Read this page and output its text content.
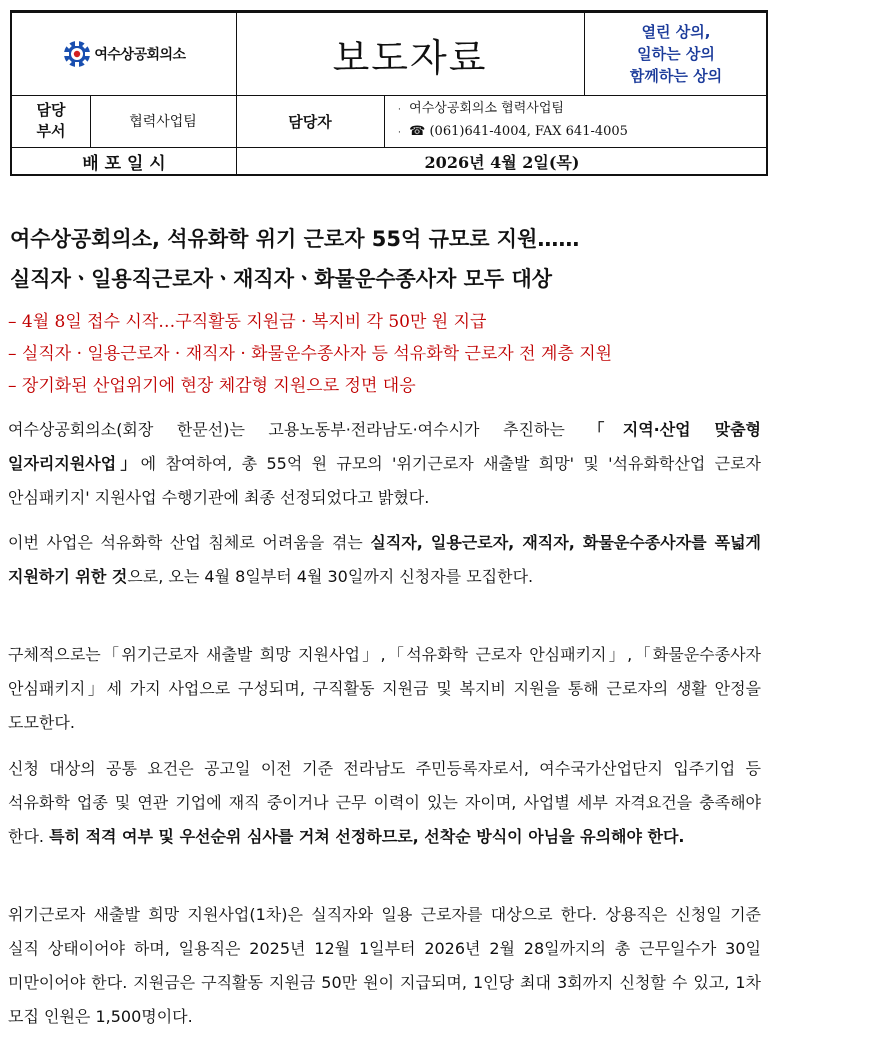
여수상공회의소	보도자료
열린 상의,
일하는 상의
함께하는 상의
담당
부서	협력사업팀	담당자
· 여수상공회의소 협력사업팀
· ☎ (061)641-4004, FAX 641-4005
배 포 일 시	2026년 4월 2일(목)
여수상공회의소, 석유화학 위기 근로자 55억 규모로 지원……
실직자ㆍ일용직근로자ㆍ재직자ㆍ화물운수종사자 모두 대상
– 4월 8일 접수 시작…구직활동 지원금 · 복지비 각 50만 원 지급
– 실직자 · 일용근로자 · 재직자 · 화물운수종사자 등 석유화학 근로자 전 계층 지원
– 장기화된 산업위기에 현장 체감형 지원으로 정면 대응
여수상공회의소(회장 한문선)는 고용노동부·전라남도·여수시가 추진하는 「지역·산업 맞춤형 일자리지원사업」에 참여하여, 총 55억 원 규모의 '위기근로자 새출발 희망' 및 '석유화학산업 근로자 안심패키지' 지원사업 수행기관에 최종 선정되었다고 밝혔다.
이번 사업은 석유화학 산업 침체로 어려움을 겪는 실직자, 일용근로자, 재직자, 화물운수종사자를 폭넓게 지원하기 위한 것으로, 오는 4월 8일부터 4월 30일까지 신청자를 모집한다.
구체적으로는「위기근로자 새출발 희망 지원사업」,「석유화학 근로자 안심패키지」,「화물운수종사자 안심패키지」세 가지 사업으로 구성되며, 구직활동 지원금 및 복지비 지원을 통해 근로자의 생활 안정을 도모한다.
신청 대상의 공통 요건은 공고일 이전 기준 전라남도 주민등록자로서, 여수국가산업단지 입주기업 등 석유화학 업종 및 연관 기업에 재직 중이거나 근무 이력이 있는 자이며, 사업별 세부 자격요건을 충족해야 한다. 특히 적격 여부 및 우선순위 심사를 거쳐 선정하므로, 선착순 방식이 아님을 유의해야 한다.
위기근로자 새출발 희망 지원사업(1차)은 실직자와 일용 근로자를 대상으로 한다. 상용직은 신청일 기준 실직 상태이어야 하며, 일용직은 2025년 12월 1일부터 2026년 2월 28일까지의 총 근무일수가 30일 미만이어야 한다. 지원금은 구직활동 지원금 50만 원이 지급되며, 1인당 최대 3회까지 신청할 수 있고, 1차 모집 인원은 1,500명이다.
